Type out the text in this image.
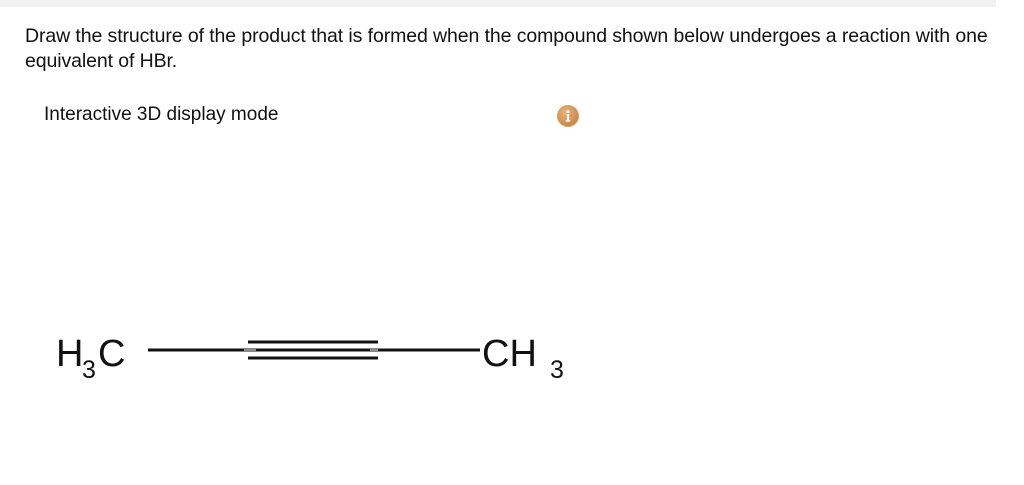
Draw the structure of the product that is formed when the compound shown below undergoes a reaction with one equivalent of HBr.
Interactive 3D display mode
H
3 C	CH 3
